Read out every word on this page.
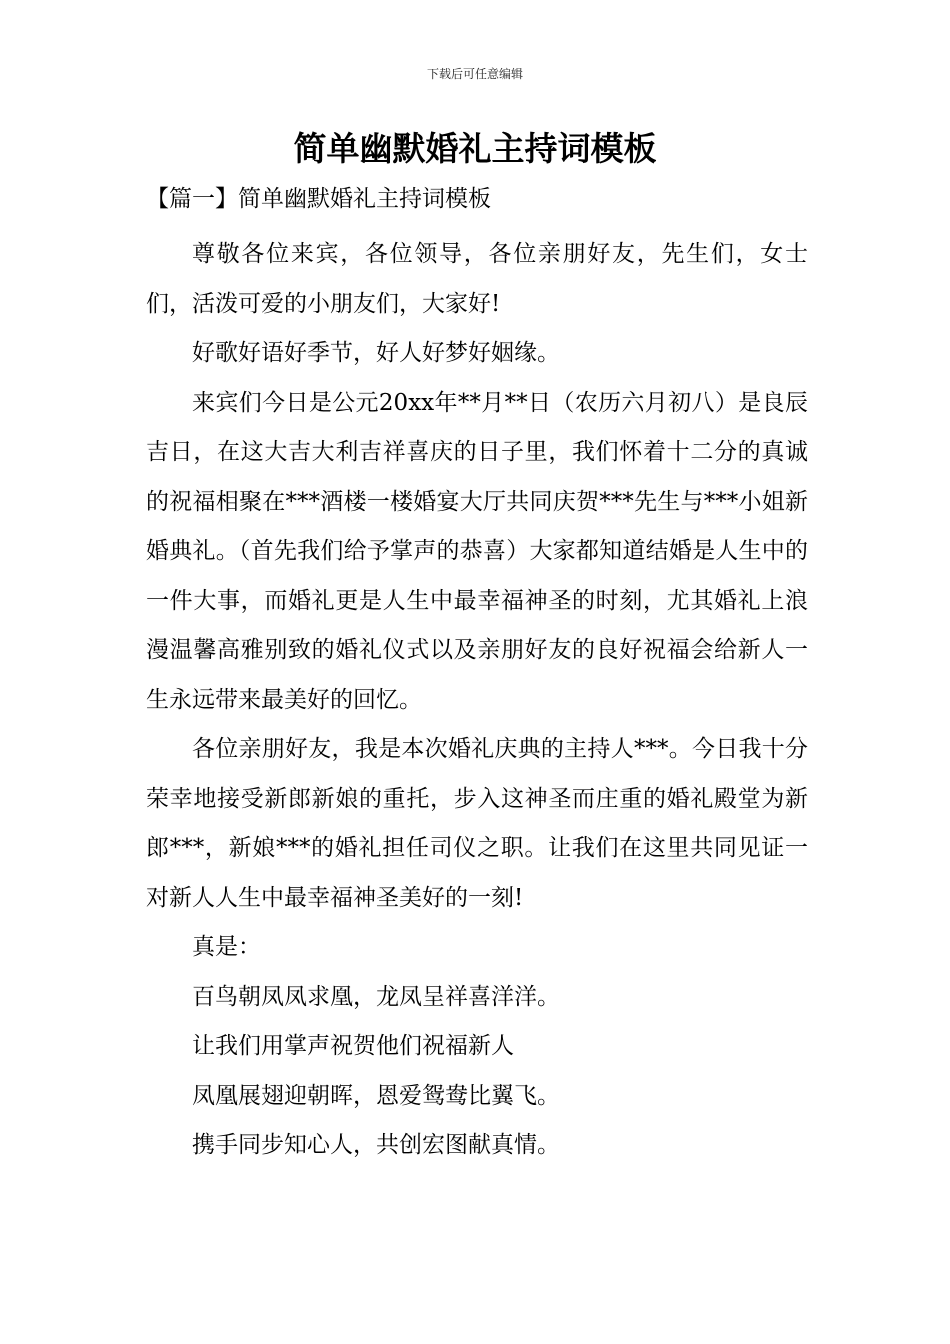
下载后可任意编辑
简单幽默婚礼主持词模板
【篇一】简单幽默婚礼主持词模板

尊敬各位来宾，各位领导，各位亲朋好友，先生们，女士们，活泼可爱的小朋友们，大家好!

好歌好语好季节，好人好梦好姻缘。

来宾们今日是公元20xx年**月**日（农历六月初八）是良辰吉日，在这大吉大利吉祥喜庆的日子里，我们怀着十二分的真诚的祝福相聚在***酒楼一楼婚宴大厅共同庆贺***先生与***小姐新婚典礼。（首先我们给予掌声的恭喜）大家都知道结婚是人生中的一件大事，而婚礼更是人生中最幸福神圣的时刻，尤其婚礼上浪漫温馨高雅别致的婚礼仪式以及亲朋好友的良好祝福会给新人一生永远带来最美好的回忆。

各位亲朋好友，我是本次婚礼庆典的主持人***。今日我十分荣幸地接受新郎新娘的重托，步入这神圣而庄重的婚礼殿堂为新郎***，新娘***的婚礼担任司仪之职。让我们在这里共同见证一对新人人生中最幸福神圣美好的一刻!

真是：

百鸟朝凤凤求凰，龙凤呈祥喜洋洋。

让我们用掌声祝贺他们祝福新人

凤凰展翅迎朝晖，恩爱鸳鸯比翼飞。

携手同步知心人，共创宏图献真情。
